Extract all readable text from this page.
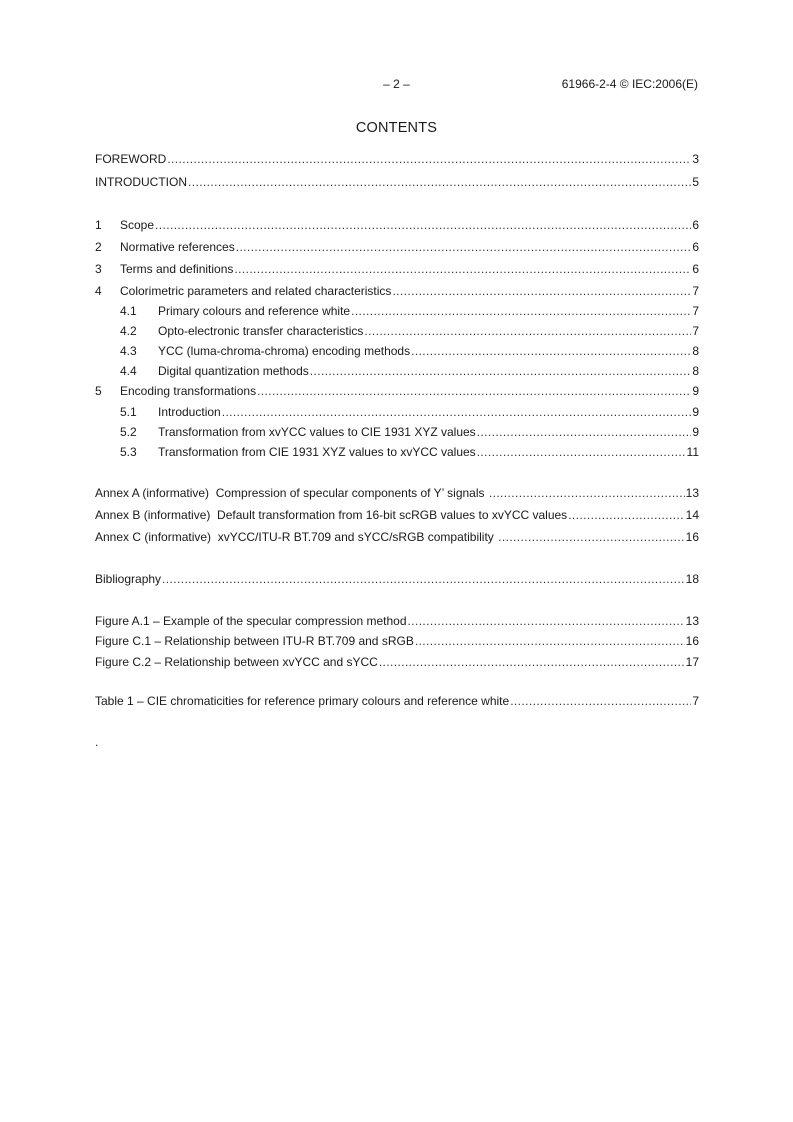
– 2 –	61966-2-4 © IEC:2006(E)
CONTENTS
FOREWORD .....	3
INTRODUCTION .....	5
1	Scope .....	6
2	Normative references .....	6
3	Terms and definitions .....	6
4	Colorimetric parameters and related characteristics .....	7
4.1	Primary colours and reference white .....	7
4.2	Opto-electronic transfer characteristics .....	7
4.3	YCC (luma-chroma-chroma) encoding methods .....	8
4.4	Digital quantization methods .....	8
5	Encoding transformations .....	9
5.1	Introduction .....	9
5.2	Transformation from xvYCC values to CIE 1931 XYZ values .....	9
5.3	Transformation from CIE 1931 XYZ values to xvYCC values .....	11
Annex A (informative)  Compression of specular components of Y’ signals .....	13
Annex B (informative)  Default transformation from 16-bit scRGB values to xvYCC values .....	14
Annex C (informative)  xvYCC/ITU-R BT.709 and sYCC/sRGB compatibility .....	16
Bibliography .....	18
Figure A.1 – Example of the specular compression method .....	13
Figure C.1 – Relationship between ITU-R BT.709 and sRGB .....	16
Figure C.2 – Relationship between xvYCC and sYCC .....	17
Table 1 – CIE chromaticities for reference primary colours and reference white .....	7
.
